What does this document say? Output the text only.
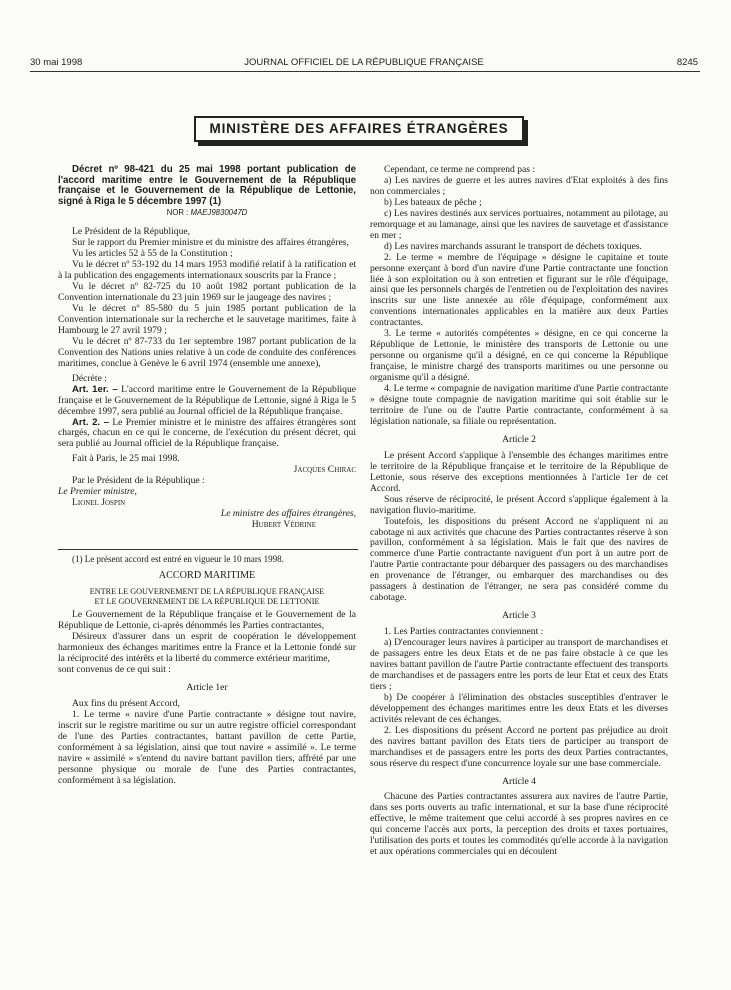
30 mai 1998	JOURNAL OFFICIEL DE LA RÉPUBLIQUE FRANÇAISE	8245
MINISTÈRE DES AFFAIRES ÉTRANGÈRES

Décret nº 98-421 du 25 mai 1998 portant publication de l'accord maritime entre le Gouvernement de la République française et le Gouvernement de la République de Lettonie, signé à Riga le 5 décembre 1997 (1)

NOR : MAEJ9830047D

Le Président de la République,

Sur le rapport du Premier ministre et du ministre des affaires étrangères,

Vu les articles 52 à 55 de la Constitution ;

Vu le décret nº 53-192 du 14 mars 1953 modifié relatif à la ratification et à la publication des engagements internationaux souscrits par la France ;

Vu le décret nº 82-725 du 10 août 1982 portant publication de la Convention internationale du 23 juin 1969 sur le jaugeage des navires ;

Vu le décret nº 85-580 du 5 juin 1985 portant publication de la Convention internationale sur la recherche et le sauvetage maritimes, faite à Hambourg le 27 avril 1979 ;

Vu le décret nº 87-733 du 1er septembre 1987 portant publication de la Convention des Nations unies relative à un code de conduite des conférences maritimes, conclue à Genève le 6 avril 1974 (ensemble une annexe),

Décrète :

Art. 1er. – L'accord maritime entre le Gouvernement de la République française et le Gouvernement de la République de Lettonie, signé à Riga le 5 décembre 1997, sera publié au Journal officiel de la République française.

Art. 2. – Le Premier ministre et le ministre des affaires étrangères sont chargés, chacun en ce qui le concerne, de l'exécution du présent décret, qui sera publié au Journal officiel de la République française.

Fait à Paris, le 25 mai 1998.

Jacques Chirac

Par le Président de la République :

Le Premier ministre,

Lionel Jospin

Le ministre des affaires étrangères,

Hubert Védrine

(1) Le présent accord est entré en vigueur le 10 mars 1998.

ACCORD MARITIME
ENTRE LE GOUVERNEMENT DE LA RÉPUBLIQUE FRANÇAISE
ET LE GOUVERNEMENT DE LA RÉPUBLIQUE DE LETTONIE

Le Gouvernement de la République française et le Gouvernement de la République de Lettonie, ci-après dénommés les Parties contractantes,

Désireux d'assurer dans un esprit de coopération le développement harmonieux des échanges maritimes entre la France et la Lettonie fondé sur la réciprocité des intérêts et la liberté du commerce extérieur maritime,

sont convenus de ce qui suit :

Article 1er

Aux fins du présent Accord,

1. Le terme « navire d'une Partie contractante » désigne tout navire, inscrit sur le registre maritime ou sur un autre registre officiel correspondant de l'une des Parties contractantes, battant pavillon de cette Partie, conformément à sa législation, ainsi que tout navire « assimilé ». Le terme navire « assimilé » s'entend du navire battant pavillon tiers, affrété par une personne physique ou morale de l'une des Parties contractantes, conformément à sa législation.

Cependant, ce terme ne comprend pas :

a) Les navires de guerre et les autres navires d'Etat exploités à des fins non commerciales ;

b) Les bateaux de pêche ;

c) Les navires destinés aux services portuaires, notamment au pilotage, au remorquage et au lamanage, ainsi que les navires de sauvetage et d'assistance en mer ;

d) Les navires marchands assurant le transport de déchets toxiques.

2. Le terme « membre de l'équipage » désigne le capitaine et toute personne exerçant à bord d'un navire d'une Partie contractante une fonction liée à son exploitation ou à son entretien et figurant sur le rôle d'équipage, ainsi que les personnels chargés de l'entretien ou de l'exploitation des navires inscrits sur une liste annexée au rôle d'équipage, conformément aux conventions internationales applicables en la matière aux deux Parties contractantes.

3. Le terme « autorités compétentes » désigne, en ce qui concerne la République de Lettonie, le ministère des transports de Lettonie ou une personne ou organisme qu'il a désigné, en ce qui concerne la République française, le ministre chargé des transports maritimes ou une personne ou organisme qu'il a désigné.

4. Le terme « compagnie de navigation maritime d'une Partie contractante » désigne toute compagnie de navigation maritime qui soit établie sur le territoire de l'une ou de l'autre Partie contractante, conformément à sa législation nationale, sa filiale ou représentation.

Article 2

Le présent Accord s'applique à l'ensemble des échanges maritimes entre le territoire de la République française et le territoire de la République de Lettonie, sous réserve des exceptions mentionnées à l'article 1er de cet Accord.

Sous réserve de réciprocité, le présent Accord s'applique également à la navigation fluvio-maritime.

Toutefois, les dispositions du présent Accord ne s'appliquent ni au cabotage ni aux activités que chacune des Parties contractantes réserve à son pavillon, conformément à sa législation. Mais le fait que des navires de commerce d'une Partie contractante naviguent d'un port à un autre port de l'autre Partie contractante pour débarquer des passagers ou des marchandises en provenance de l'étranger, ou embarquer des marchandises ou des passagers à destination de l'étranger, ne sera pas considéré comme du cabotage.

Article 3

1. Les Parties contractantes conviennent :

a) D'encourager leurs navires à participer au transport de marchandises et de passagers entre les deux Etats et de ne pas faire obstacle à ce que les navires battant pavillon de l'autre Partie contractante effectuent des transports de marchandises et de passagers entre les ports de leur Etat et ceux des Etats tiers ;

b) De coopérer à l'élimination des obstacles susceptibles d'entraver le développement des échanges maritimes entre les deux Etats et les diverses activités relevant de ces échanges.

2. Les dispositions du présent Accord ne portent pas préjudice au droit des navires battant pavillon des Etats tiers de participer au transport de marchandises et de passagers entre les ports des deux Parties contractantes, sous réserve du respect d'une concurrence loyale sur une base commerciale.

Article 4

Chacune des Parties contractantes assurera aux navires de l'autre Partie, dans ses ports ouverts au trafic international, et sur la base d'une réciprocité effective, le même traitement que celui accordé à ses propres navires en ce qui concerne l'accès aux ports, la perception des droits et taxes portuaires, l'utilisation des ports et toutes les commodités qu'elle accorde à la navigation et aux opérations commerciales qui en découlent
